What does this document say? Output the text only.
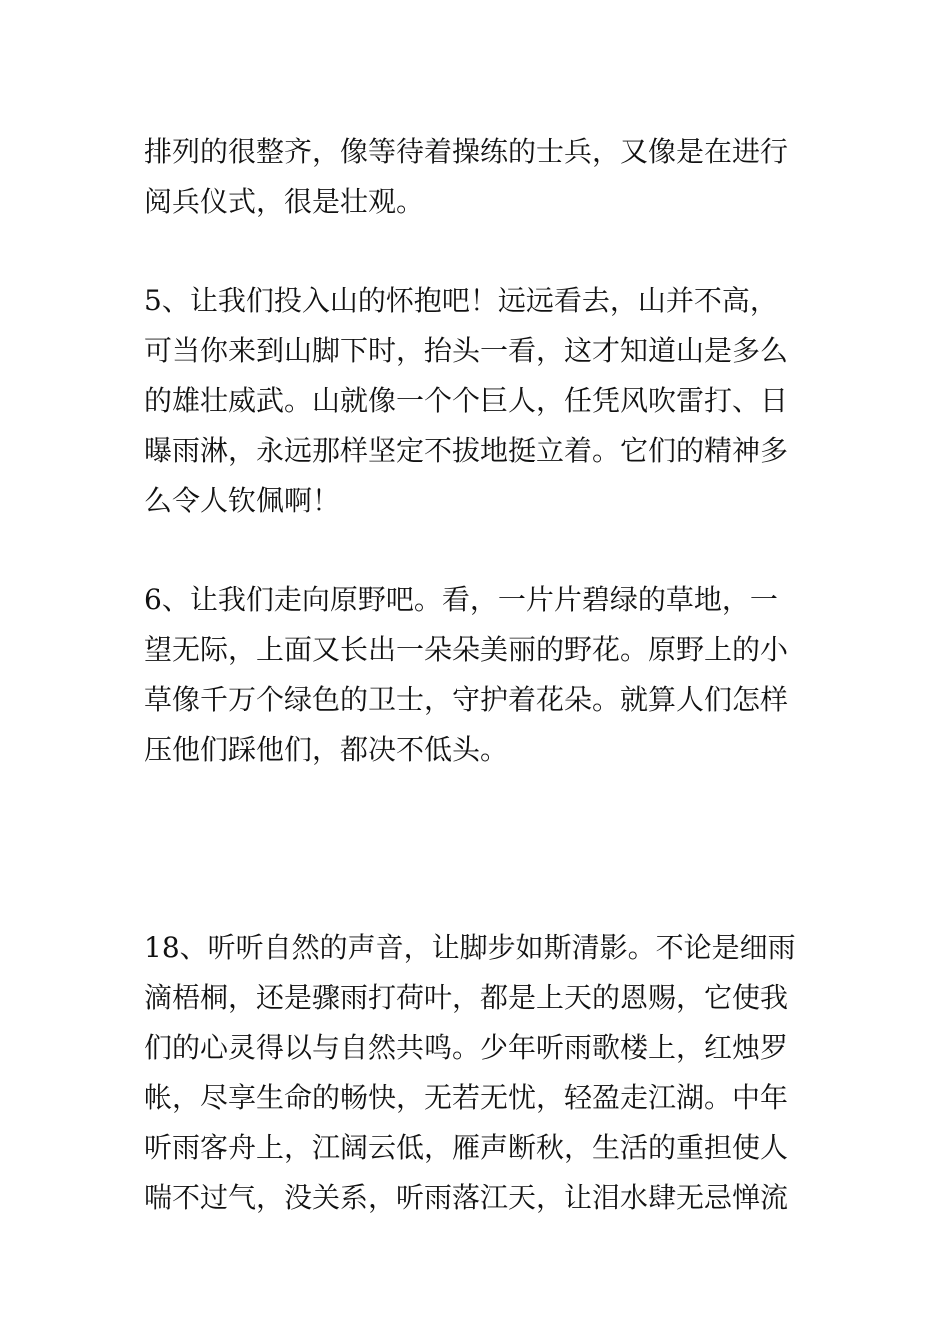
排列的很整齐，像等待着操练的士兵，又像是在进行
阅兵仪式，很是壮观。
5、让我们投入山的怀抱吧！远远看去，山并不高，
可当你来到山脚下时，抬头一看，这才知道山是多么
的雄壮威武。山就像一个个巨人，任凭风吹雷打、日
曝雨淋，永远那样坚定不拔地挺立着。它们的精神多
么令人钦佩啊！
6、让我们走向原野吧。看，一片片碧绿的草地，一
望无际，上面又长出一朵朵美丽的野花。原野上的小
草像千万个绿色的卫士，守护着花朵。就算人们怎样
压他们踩他们，都决不低头。
18、听听自然的声音，让脚步如斯清影。不论是细雨
滴梧桐，还是骤雨打荷叶，都是上天的恩赐，它使我
们的心灵得以与自然共鸣。少年听雨歌楼上，红烛罗
帐，尽享生命的畅快，无若无忧，轻盈走江湖。中年
听雨客舟上，江阔云低，雁声断秋，生活的重担使人
喘不过气，没关系，听雨落江天，让泪水肆无忌惮流
